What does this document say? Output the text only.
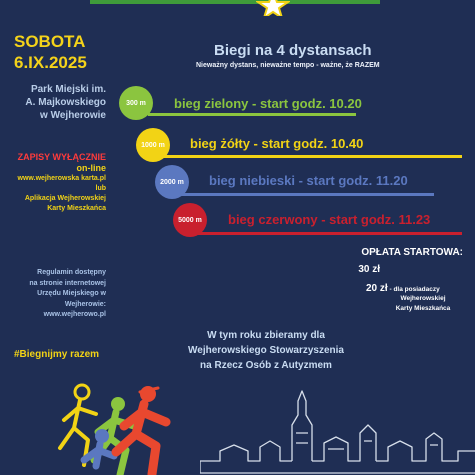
SOBOTA
6.IX.2025
Biegi na 4 dystansach
Nieważny dystans, nieważne tempo - ważne, że RAZEM
Park Miejski im.
A. Majkowskiego
w Wejherowie
ZAPISY WYŁĄCZNIE
on-line
www.wejherowska karta.pl
lub
Aplikacja Wejherowskiej
Karty Mieszkańca
Regulamin dostępny
na stronie internetowej
Urzędu Miejskiego w
Wejherowie:
www.wejherowo.pl
#Biegnijmy razem
300 m	bieg zielony - start godz. 10.20
1000 m	bieg żółty - start godz. 10.40
2000 m	bieg niebieski - start godz. 11.20
5000 m	bieg czerwony - start godz. 11.23
OPŁATA STARTOWA:
30 zł
20 zł - dla posiadaczy
Wejherowskiej
Karty Mieszkańca
W tym roku zbieramy dla
Wejherowskiego Stowarzyszenia
na Rzecz Osób z Autyzmem
